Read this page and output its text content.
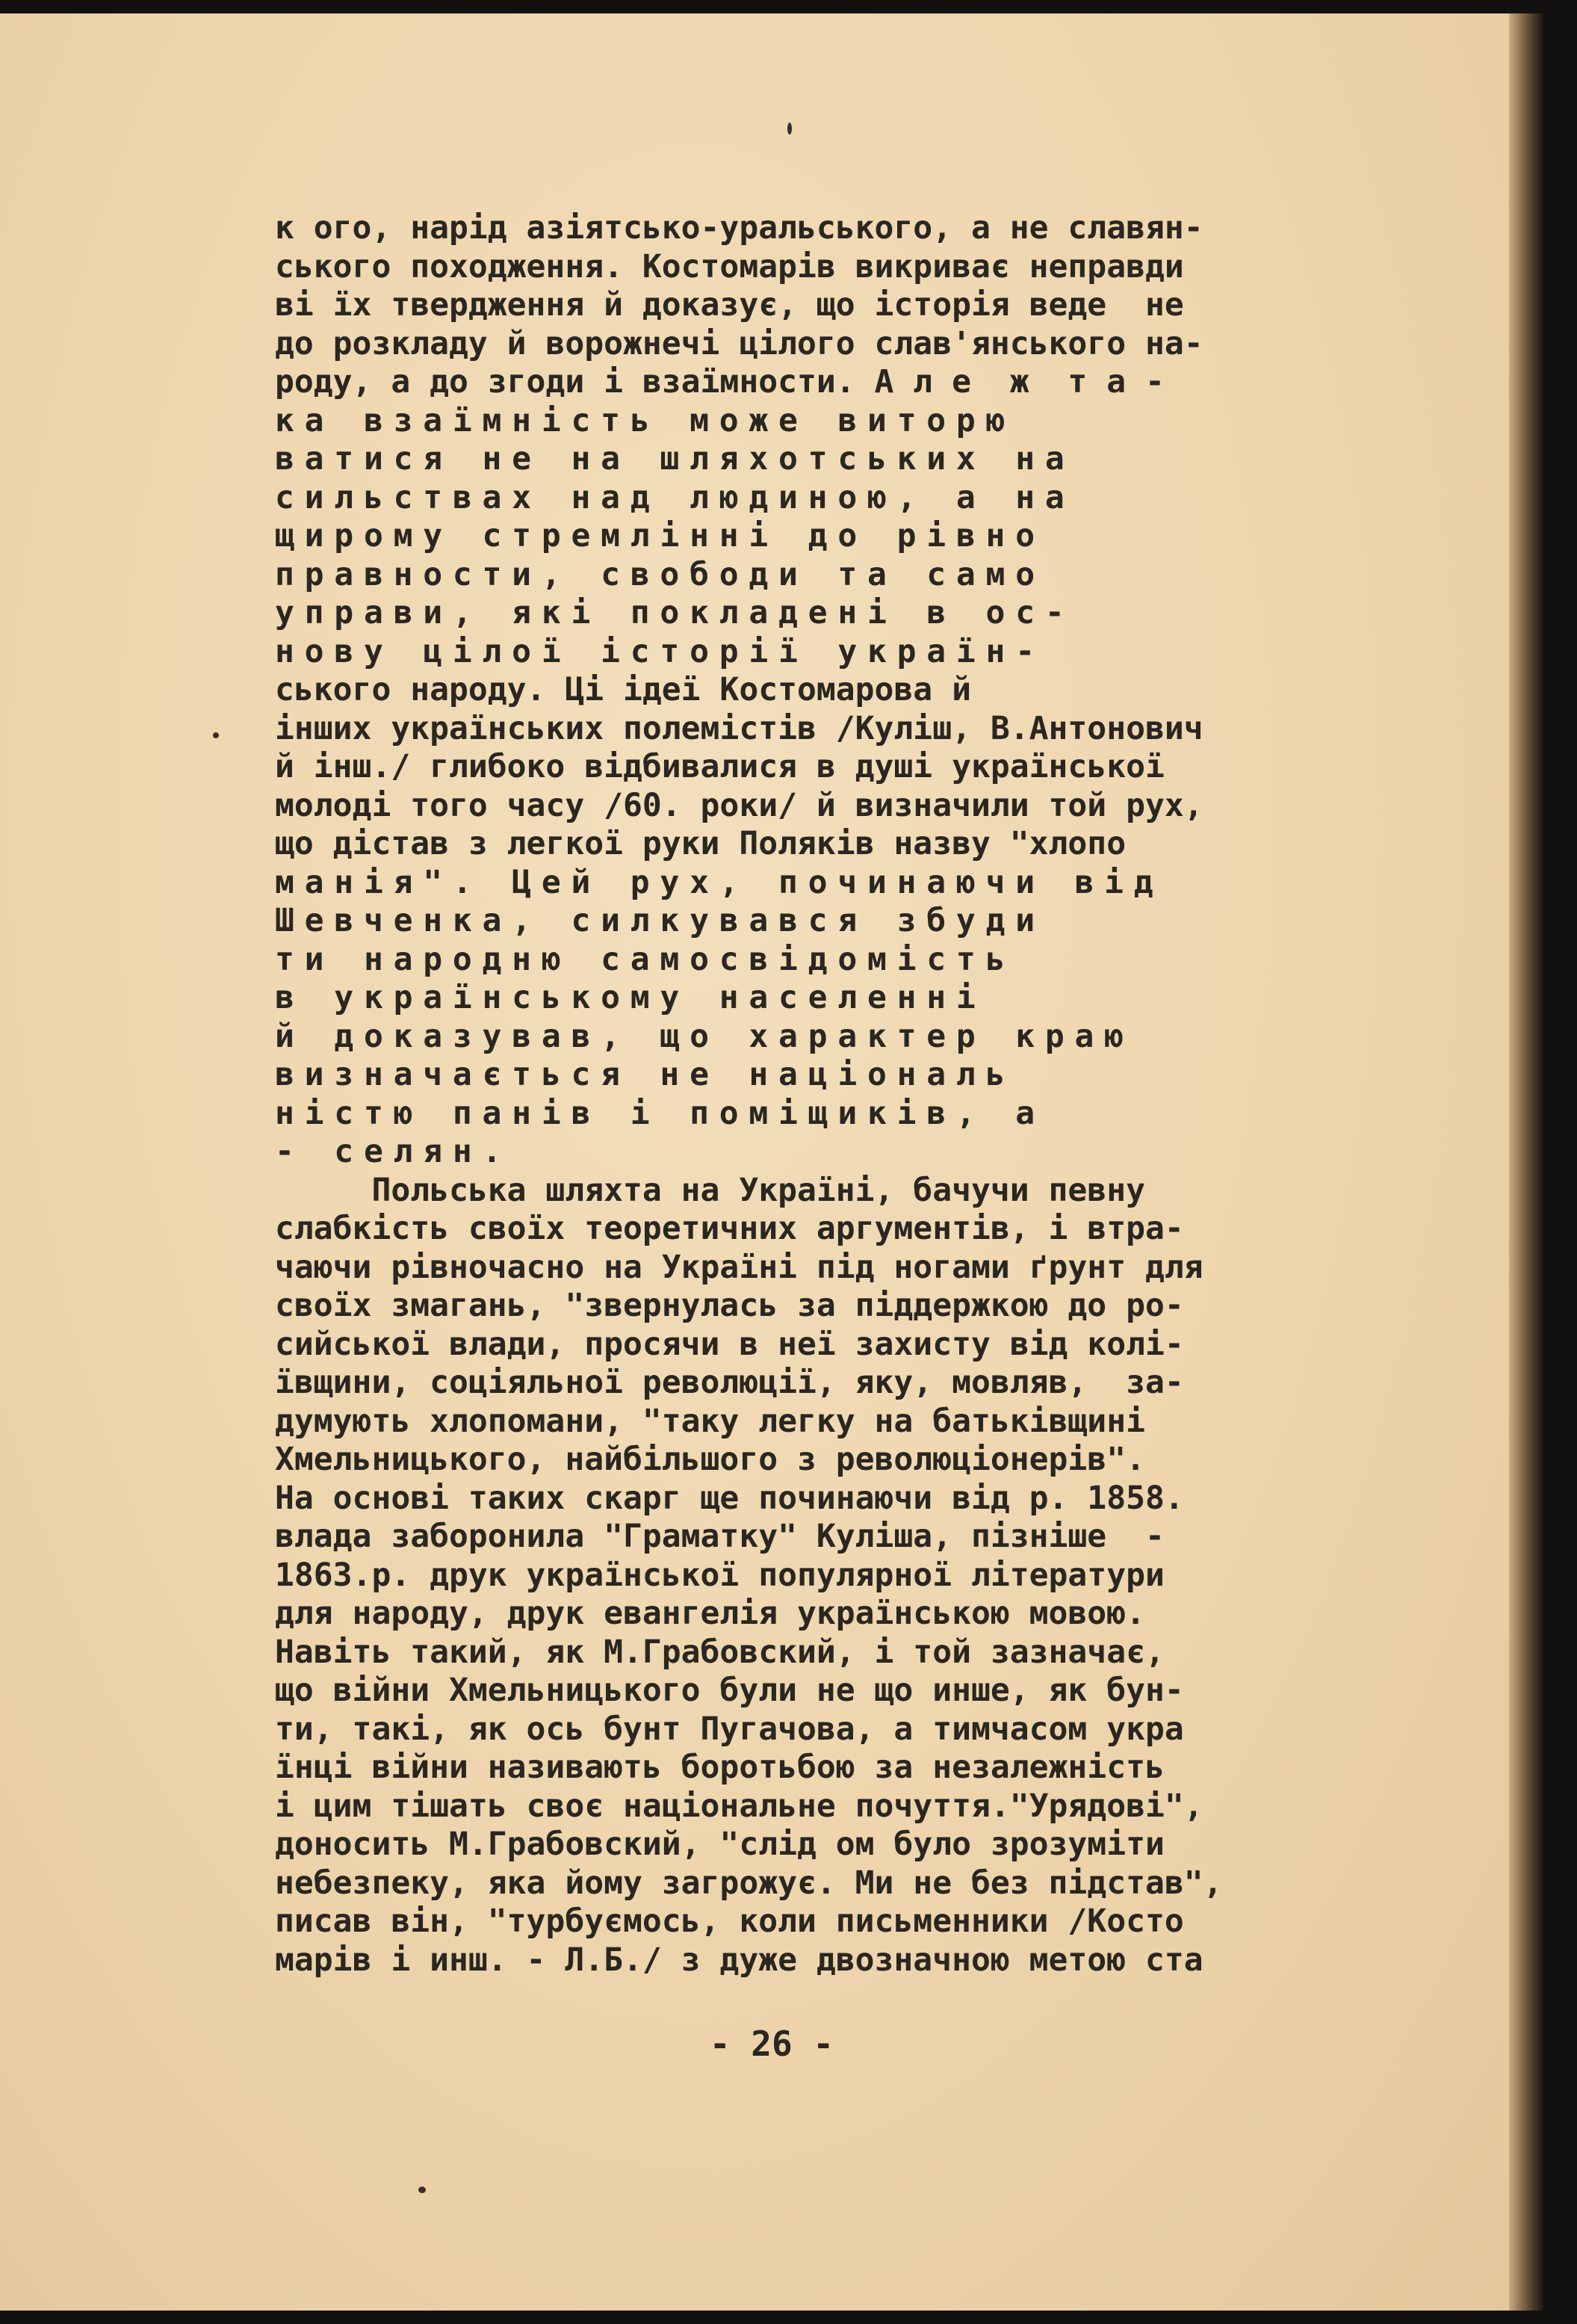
к ого, нарід азіятсько-уральського, а не славян-
ського походження. Костомарів викриває неправди
ві їх твердження й доказує, що історія веде  не
до розкладу й ворожнечі цілого слав'янського на-
роду, а до згоди і взаїмности. А л е  ж  т а -
ка взаїмність може виторю
ватися не на шляхотських на
сильствах над людиною, а на
щирому стремлінні до рівно
правности, свободи та само
управи, які покладені в ос-
нову цілої історії україн-
ського народу. Ці ідеї Костомарова й
інших українських полемістів /Куліш, В.Антонович
й інш./ глибоко відбивалися в душі української
молоді того часу /60. роки/ й визначили той рух,
що дістав з легкої руки Поляків назву "хлопо
манія". Цей рух, починаючи від
Шевченка, силкувався збуди
ти народню самосвідомість
в українському населенні
й доказував, що характер краю
визначається не національ
ністю панів і поміщиків, а
- селян.
Польська шляхта на Україні, бачучи певну
слабкість своїх теоретичних аргументів, і втра-
чаючи рівночасно на Україні під ногами ґрунт для
своїх змагань, "звернулась за піддержкою до ро-
сийської влади, просячи в неї захисту від колі-
ївщини, соціяльної революції, яку, мовляв,  за-
думують хлопомани, "таку легку на батьківщині
Хмельницького, найбільшого з революціонерів".
На основі таких скарг ще починаючи від р. 1858.
влада заборонила "Граматку" Куліша, пізніше  -
1863.р. друк української популярної літератури
для народу, друк евангелія українською мовою.
Навіть такий, як М.Грабовский, і той зазначає,
що війни Хмельницького були не що инше, як бун-
ти, такі, як ось бунт Пугачова, а тимчасом укра
їнці війни називають боротьбою за незалежність
і цим тішать своє національне почуття."Урядові",
доносить М.Грабовский, "слід ом було зрозуміти
небезпеку, яка йому загрожує. Ми не без підстав",
писав він, "турбуємось, коли письменники /Косто
марів і инш. - Л.Б./ з дуже двозначною метою ста
- 26 -
